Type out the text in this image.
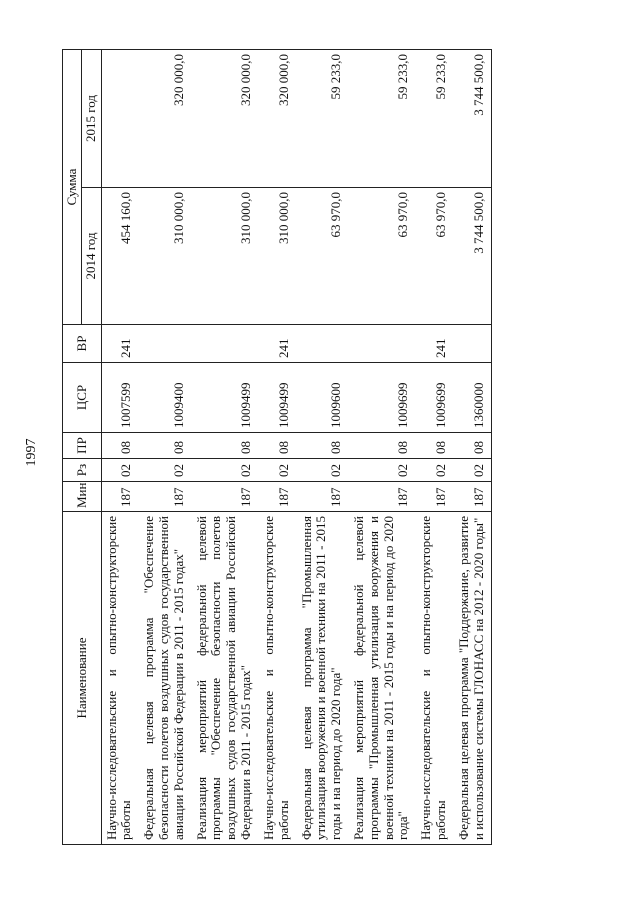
1997
Наименование	Мин	Рз	ПР	ЦСР	ВР	Сумма	
						2014 год	2015 год
Научно-исследовательские и опытно-конструкторские работы	187	02	08	1007599	241	454 160,0	
Федеральная целевая программа "Обеспечение безопасности полетов воздушных судов государственной авиации Российской Федерации в 2011 - 2015 годах"	187	02	08	1009400		310 000,0	320 000,0
Реализация мероприятий федеральной целевой программы "Обеспечение безопасности полетов воздушных судов государственной авиации Российской Федерации в 2011 - 2015 годах"	187	02	08	1009499		310 000,0	320 000,0
Научно-исследовательские и опытно-конструкторские работы	187	02	08	1009499	241	310 000,0	320 000,0
Федеральная целевая программа "Промышленная утилизация вооружения и военной техники на 2011 - 2015 годы и на период до 2020 года"	187	02	08	1009600		63 970,0	59 233,0
Реализация мероприятий федеральной целевой программы "Промышленная утилизация вооружения и военной техники на 2011 - 2015 годы и на период до 2020 года"	187	02	08	1009699		63 970,0	59 233,0
Научно-исследовательские и опытно-конструкторские работы	187	02	08	1009699	241	63 970,0	59 233,0
Федеральная целевая программа "Поддержание, развитие и использование системы ГЛОНАСС на 2012 - 2020 годы"	187	02	08	1360000		3 744 500,0	3 744 500,0
